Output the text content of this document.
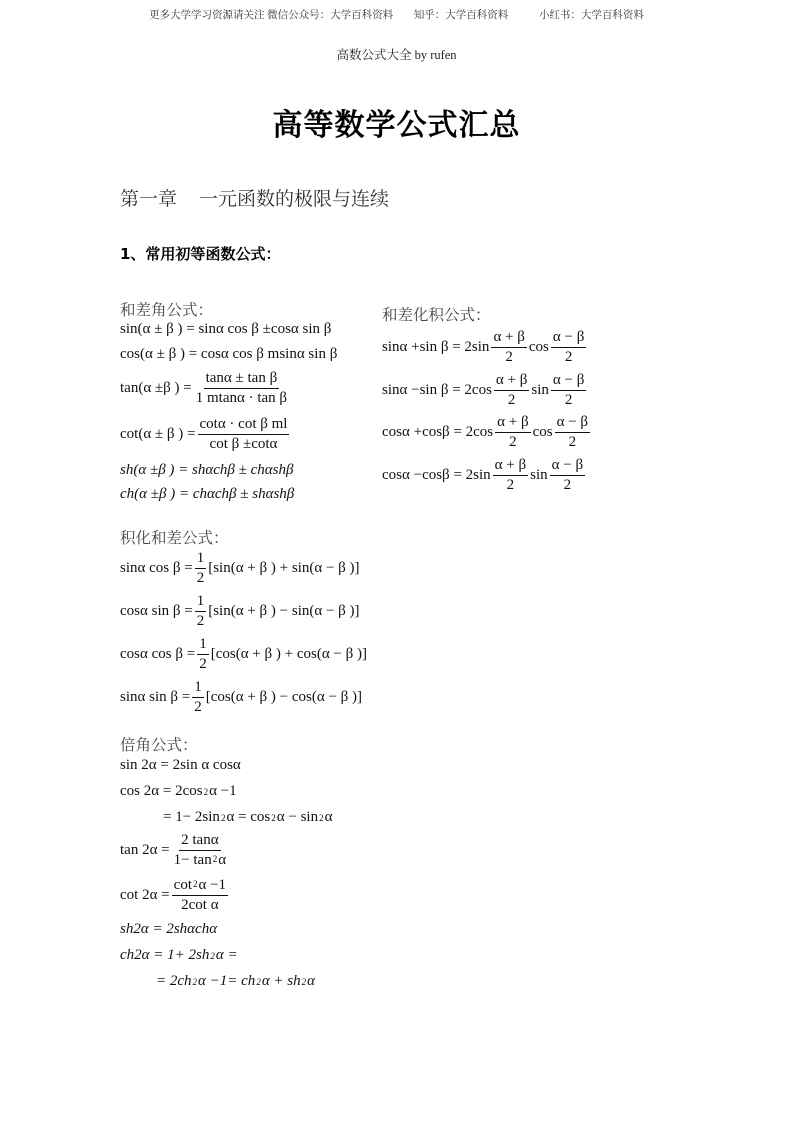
更多大学学习资源请关注 微信公众号：大学百科资料 知乎：大学百科资料	小红书：大学百科资料
高数公式大全 by rufen
高等数学公式汇总
第一章 一元函数的极限与连续
1、常用初等函数公式：
和差角公式：
sin(α ± β ) =
sinα cos β ±cosα sin β
cos(α ± β ) =
cosα cos β msinα sin β
tan(α ±β ) = $\frac{\text{tanα ± tan β}}{\text{1 mtanα · tan β}}$
cot(α ± β ) = $\frac{\text{cotα · cot β ml}}{\text{cot β ±cotα}}$
sh(α ±β ) =
shαchβ ± chαshβ
ch(α ±β ) =
chαchβ ± shαshβ
和差化积公式：
sinα +sin $\beta = 2\sin \frac{\alpha + \beta}{2}$ $\cos \frac{\alpha - \beta}{2}$
sinα −sin $\beta = 2\cos \frac{\alpha + \beta}{2}$ $\sin \frac{\alpha - \beta}{2}$
$\cos\alpha +\cos\beta = 2\cos \frac{\alpha + \beta}{2}$ $\cos \frac{\alpha - \beta}{2}$
$\cos\alpha -\cos\beta = 2\sin \frac{\alpha + \beta}{2}$ $\sin \frac{\alpha - \beta}{2}$
积化和差公式：
sinα $\cos \beta = \frac{1}{2} [\sin(\alpha + \beta$ ) + sin(α − β )]
cosα $\sin \beta = \frac{1}{2} [\sin(\alpha + \beta$ ) − sin(α − β )]
cosα $\cos \beta = \frac{1}{2} [\cos(\alpha + \beta$ ) + cos(α − β )]
sinα $\sin \beta = \frac{1}{2} [\cos(\alpha + \beta$ ) − cos(α − β )]
倍角公式：
sin 2α = 2sin α cosα
cos 2α = 2cos 2 α −1
= 1− 2sin 2 α = cos 2 α − sin 2 α
$\tan 2\alpha = \frac{2 \tan\alpha}{1- \tan^2\alpha}$
$\cot 2\alpha = \frac{\cot^2\alpha -1}{\text{2cot α}}$
sh2α = 2shαchα
ch2α = 1+ 2sh 2 α =
= 2ch 2 α −1= ch 2 α + sh 2 α
